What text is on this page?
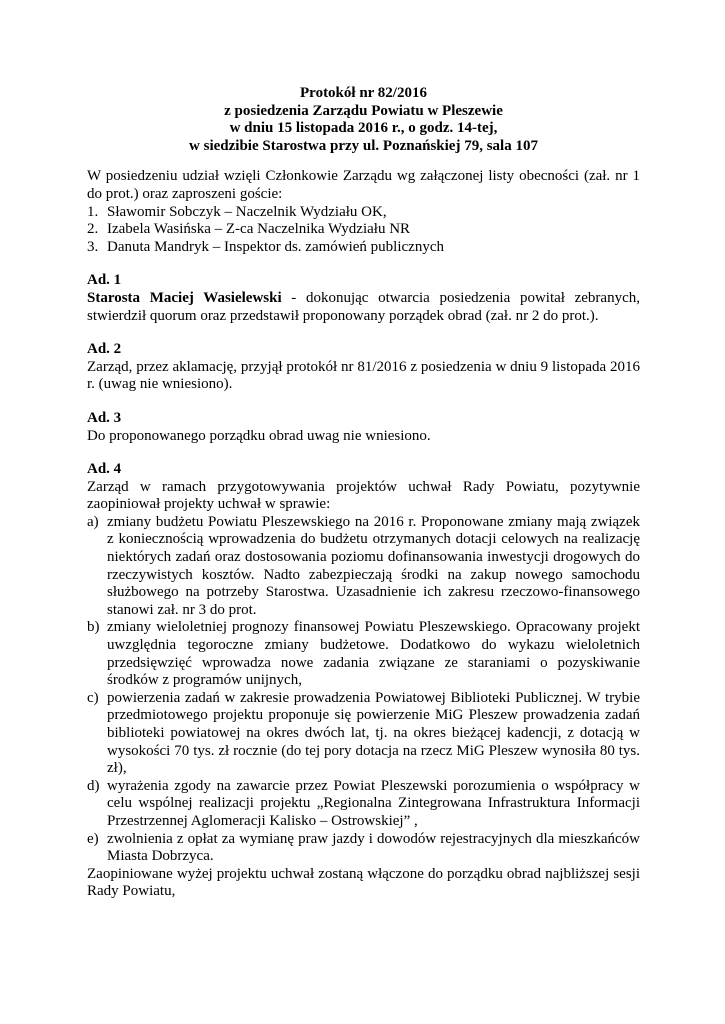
Protokół nr 82/2016
z posiedzenia Zarządu Powiatu w Pleszewie
w dniu 15 listopada 2016 r., o godz. 14-tej,
w siedzibie Starostwa przy ul. Poznańskiej 79, sala 107

W posiedzeniu udział wzięli Członkowie Zarządu wg załączonej listy obecności (zał. nr 1 do prot.) oraz zaproszeni goście:

1. Sławomir Sobczyk – Naczelnik Wydziału OK,
2. Izabela Wasińska – Z-ca Naczelnika Wydziału NR
3. Danuta Mandryk – Inspektor ds. zamówień publicznych
Ad. 1

Starosta Maciej Wasielewski - dokonując otwarcia posiedzenia powitał zebranych, stwierdził quorum oraz przedstawił proponowany porządek obrad (zał. nr 2 do prot.).

Ad. 2

Zarząd, przez aklamację, przyjął protokół nr 81/2016 z posiedzenia w dniu 9 listopada 2016 r. (uwag nie wniesiono).

Ad. 3

Do proponowanego porządku obrad uwag nie wniesiono.

Ad. 4

Zarząd w ramach przygotowywania projektów uchwał Rady Powiatu, pozytywnie zaopiniował projekty uchwał w sprawie:

a) zmiany budżetu Powiatu Pleszewskiego na 2016 r. Proponowane zmiany mają związek z koniecznością wprowadzenia do budżetu otrzymanych dotacji celowych na realizację niektórych zadań oraz dostosowania poziomu dofinansowania inwestycji drogowych do rzeczywistych kosztów. Nadto zabezpieczają środki na zakup nowego samochodu służbowego na potrzeby Starostwa. Uzasadnienie ich zakresu rzeczowo-finansowego stanowi zał. nr 3 do prot.
b) zmiany wieloletniej prognozy finansowej Powiatu Pleszewskiego. Opracowany projekt uwzględnia tegoroczne zmiany budżetowe. Dodatkowo do wykazu wieloletnich przedsięwzięć wprowadza nowe zadania związane ze staraniami o pozyskiwanie środków z programów unijnych,
c) powierzenia zadań w zakresie prowadzenia Powiatowej Biblioteki Publicznej. W trybie przedmiotowego projektu proponuje się powierzenie MiG Pleszew prowadzenia zadań biblioteki powiatowej na okres dwóch lat, tj. na okres bieżącej kadencji, z dotacją w wysokości 70 tys. zł rocznie (do tej pory dotacja na rzecz MiG Pleszew wynosiła 80 tys. zł),
d) wyrażenia zgody na zawarcie przez Powiat Pleszewski porozumienia o współpracy w celu wspólnej realizacji projektu „Regionalna Zintegrowana Infrastruktura Informacji Przestrzennej Aglomeracji Kalisko – Ostrowskiej” ,
e) zwolnienia z opłat za wymianę praw jazdy i dowodów rejestracyjnych dla mieszkańców Miasta Dobrzyca.

Zaopiniowane wyżej projektu uchwał zostaną włączone do porządku obrad najbliższej sesji Rady Powiatu,
